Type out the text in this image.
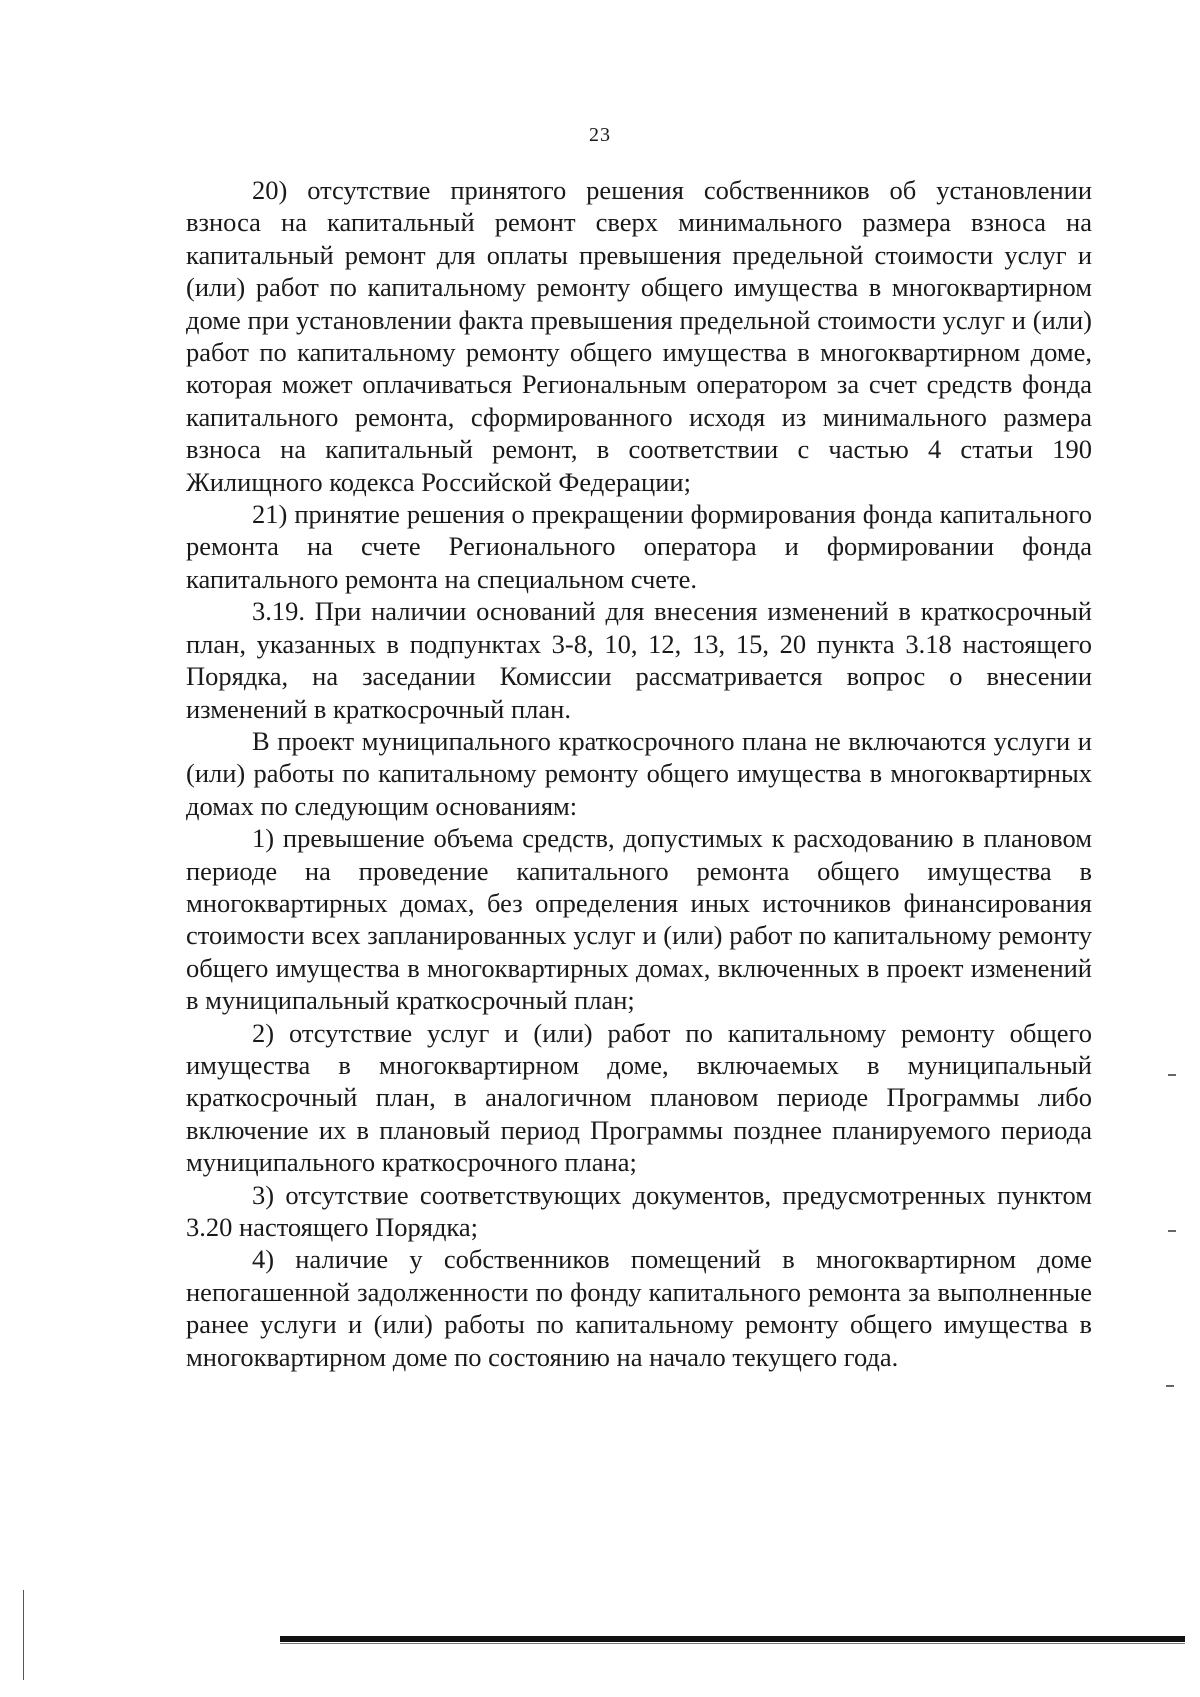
23

20) отсутствие принятого решения собственников об установлении взноса на капитальный ремонт сверх минимального размера взноса на капитальный ремонт для оплаты превышения предельной стоимости услуг и (или) работ по капитальному ремонту общего имущества в многоквартирном доме при установлении факта превышения предельной стоимости услуг и (или) работ по капитальному ремонту общего имущества в многоквартирном доме, которая может оплачиваться Региональным оператором за счет средств фонда капитального ремонта, сформированного исходя из минимального размера взноса на капитальный ремонт, в соответствии с частью 4 статьи 190 Жилищного кодекса Российской Федерации;

21) принятие решения о прекращении формирования фонда капитального ремонта на счете Регионального оператора и формировании фонда капитального ремонта на специальном счете.

3.19. При наличии оснований для внесения изменений в краткосрочный план, указанных в подпунктах 3-8, 10, 12, 13, 15, 20 пункта 3.18 настоящего Порядка, на заседании Комиссии рассматривается вопрос о внесении изменений в краткосрочный план.

В проект муниципального краткосрочного плана не включаются услуги и (или) работы по капитальному ремонту общего имущества в многоквартирных домах по следующим основаниям:

1) превышение объема средств, допустимых к расходованию в плановом периоде на проведение капитального ремонта общего имущества в многоквартирных домах, без определения иных источников финансирования стоимости всех запланированных услуг и (или) работ по капитальному ремонту общего имущества в многоквартирных домах, включенных в проект изменений в муниципальный краткосрочный план;

2) отсутствие услуг и (или) работ по капитальному ремонту общего имущества в многоквартирном доме, включаемых в муниципальный краткосрочный план, в аналогичном плановом периоде Программы либо включение их в плановый период Программы позднее планируемого периода муниципального краткосрочного плана;

3) отсутствие соответствующих документов, предусмотренных пунктом 3.20 настоящего Порядка;

4) наличие у собственников помещений в многоквартирном доме непогашенной задолженности по фонду капитального ремонта за выполненные ранее услуги и (или) работы по капитальному ремонту общего имущества в многоквартирном доме по состоянию на начало текущего года.
